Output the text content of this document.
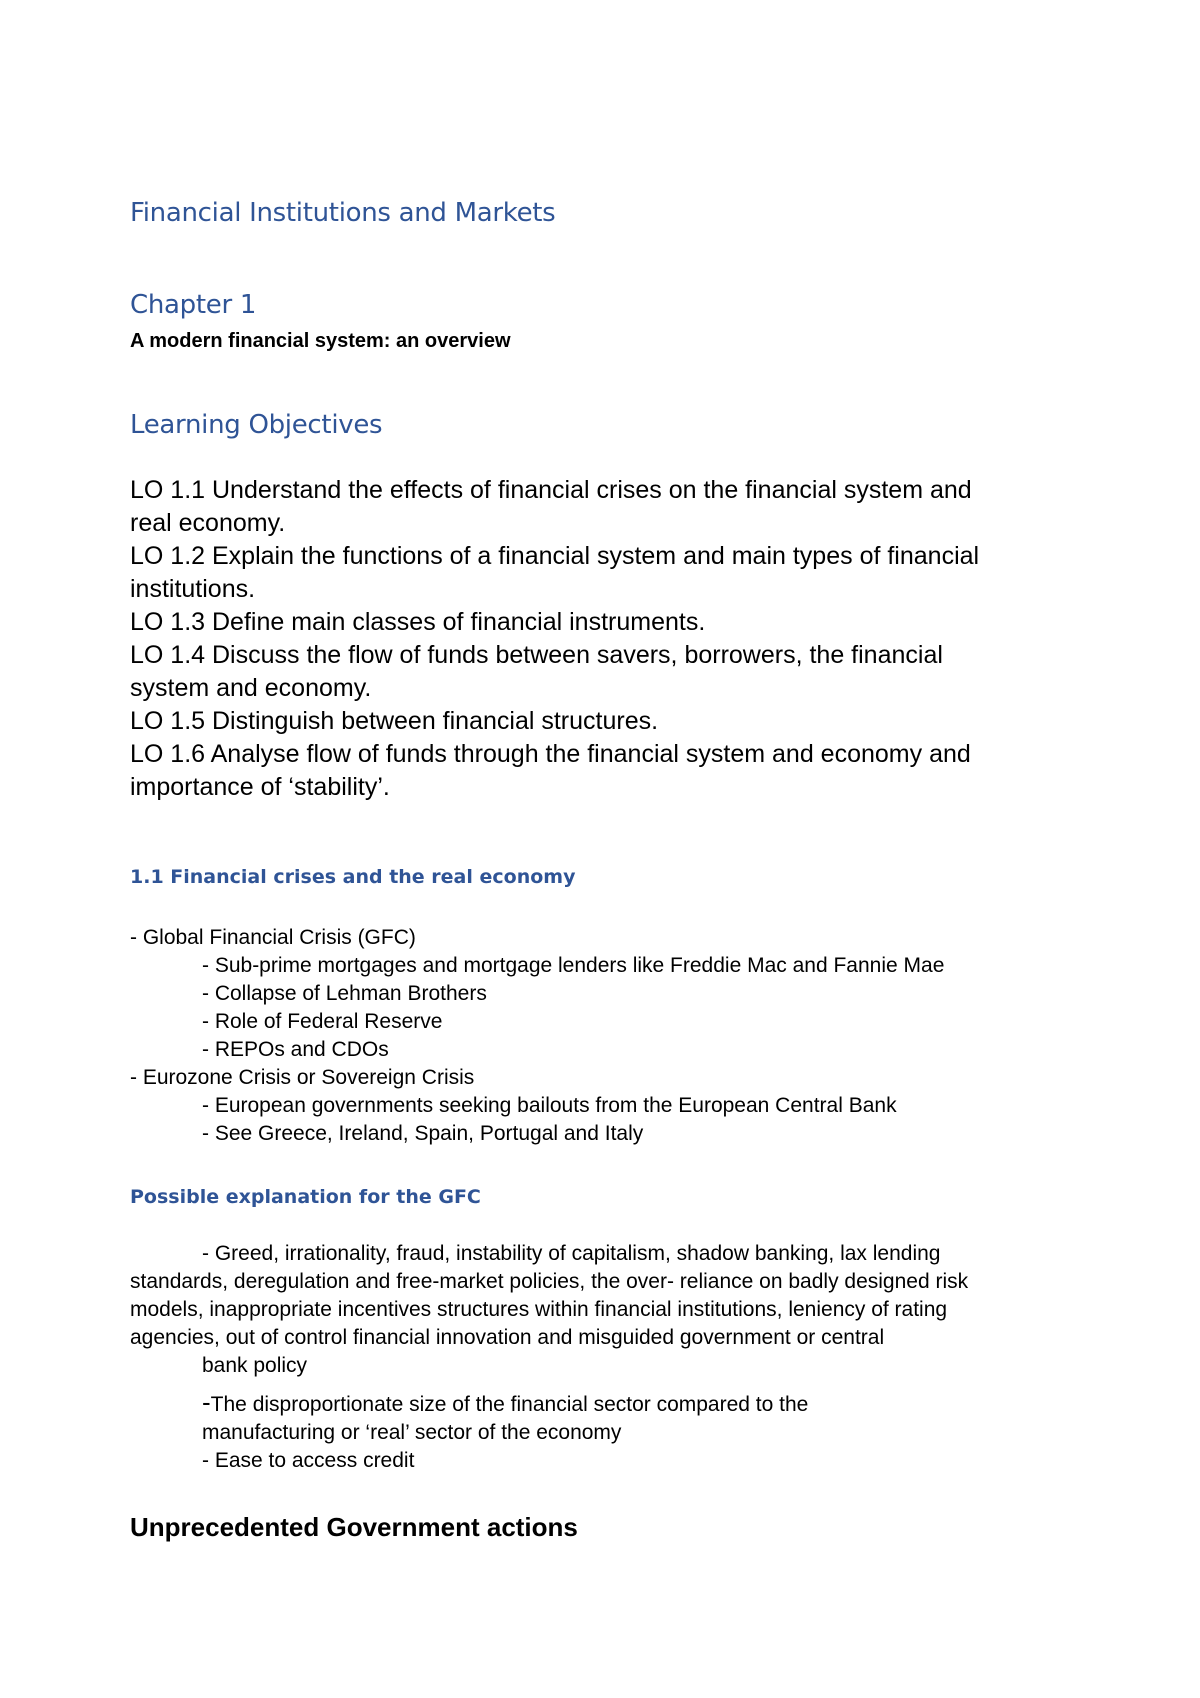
Financial Institutions and Markets
Chapter 1
A modern financial system: an overview
Learning Objectives
LO 1.1 Understand the effects of financial crises on the financial system and
real economy.
LO 1.2 Explain the functions of a financial system and main types of financial
institutions.
LO 1.3 Define main classes of financial instruments.
LO 1.4 Discuss the flow of funds between savers, borrowers, the financial
system and economy.
LO 1.5 Distinguish between financial structures.
LO 1.6 Analyse flow of funds through the financial system and economy and
importance of ‘stability’.
1.1 Financial crises and the real economy
- Global Financial Crisis (GFC)
- Sub-prime mortgages and mortgage lenders like Freddie Mac and Fannie Mae
- Collapse of Lehman Brothers
- Role of Federal Reserve
- REPOs and CDOs
- Eurozone Crisis or Sovereign Crisis
- European governments seeking bailouts from the European Central Bank
- See Greece, Ireland, Spain, Portugal and Italy
Possible explanation for the GFC
- Greed, irrationality, fraud, instability of capitalism, shadow banking, lax lending
standards, deregulation and free-market policies, the over- reliance on badly designed risk
models, inappropriate incentives structures within financial institutions, leniency of rating
agencies, out of control financial innovation and misguided government or central
bank policy
-The disproportionate size of the financial sector compared to the
manufacturing or ‘real’ sector of the economy
- Ease to access credit
Unprecedented Government actions
